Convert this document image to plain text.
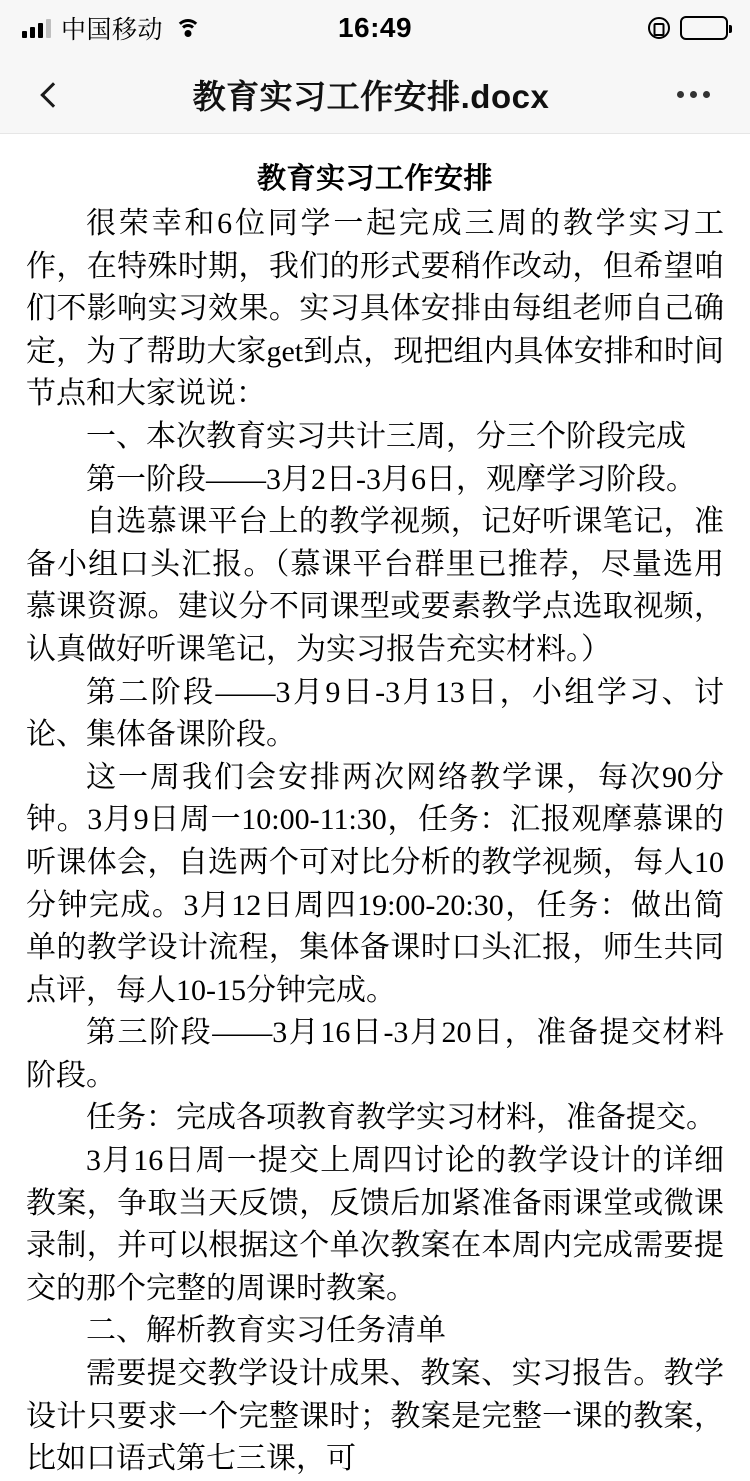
中国移动	16:49
教育实习工作安排.docx
教育实习工作安排

很荣幸和6位同学一起完成三周的教学实习工作，在特殊时期，我们的形式要稍作改动，但希望咱们不影响实习效果。实习具体安排由每组老师自己确定，为了帮助大家get到点，现把组内具体安排和时间节点和大家说说：

一、本次教育实习共计三周，分三个阶段完成

第一阶段——3月2日-3月6日，观摩学习阶段。

自选慕课平台上的教学视频，记好听课笔记，准备小组口头汇报。（慕课平台群里已推荐，尽量选用慕课资源。建议分不同课型或要素教学点选取视频，认真做好听课笔记，为实习报告充实材料。）

第二阶段——3月9日-3月13日，小组学习、讨论、集体备课阶段。

这一周我们会安排两次网络教学课，每次90分钟。3月9日周一10:00-11:30，任务：汇报观摩慕课的听课体会，自选两个可对比分析的教学视频，每人10分钟完成。3月12日周四19:00-20:30，任务：做出简单的教学设计流程，集体备课时口头汇报，师生共同点评，每人10-15分钟完成。

第三阶段——3月16日-3月20日，准备提交材料阶段。

任务：完成各项教育教学实习材料，准备提交。

3月16日周一提交上周四讨论的教学设计的详细教案，争取当天反馈，反馈后加紧准备雨课堂或微课录制，并可以根据这个单次教案在本周内完成需要提交的那个完整的周课时教案。

二、解析教育实习任务清单

需要提交教学设计成果、教案、实习报告。教学设计只要求一个完整课时；教案是完整一课的教案，比如口语式第七三课，可
